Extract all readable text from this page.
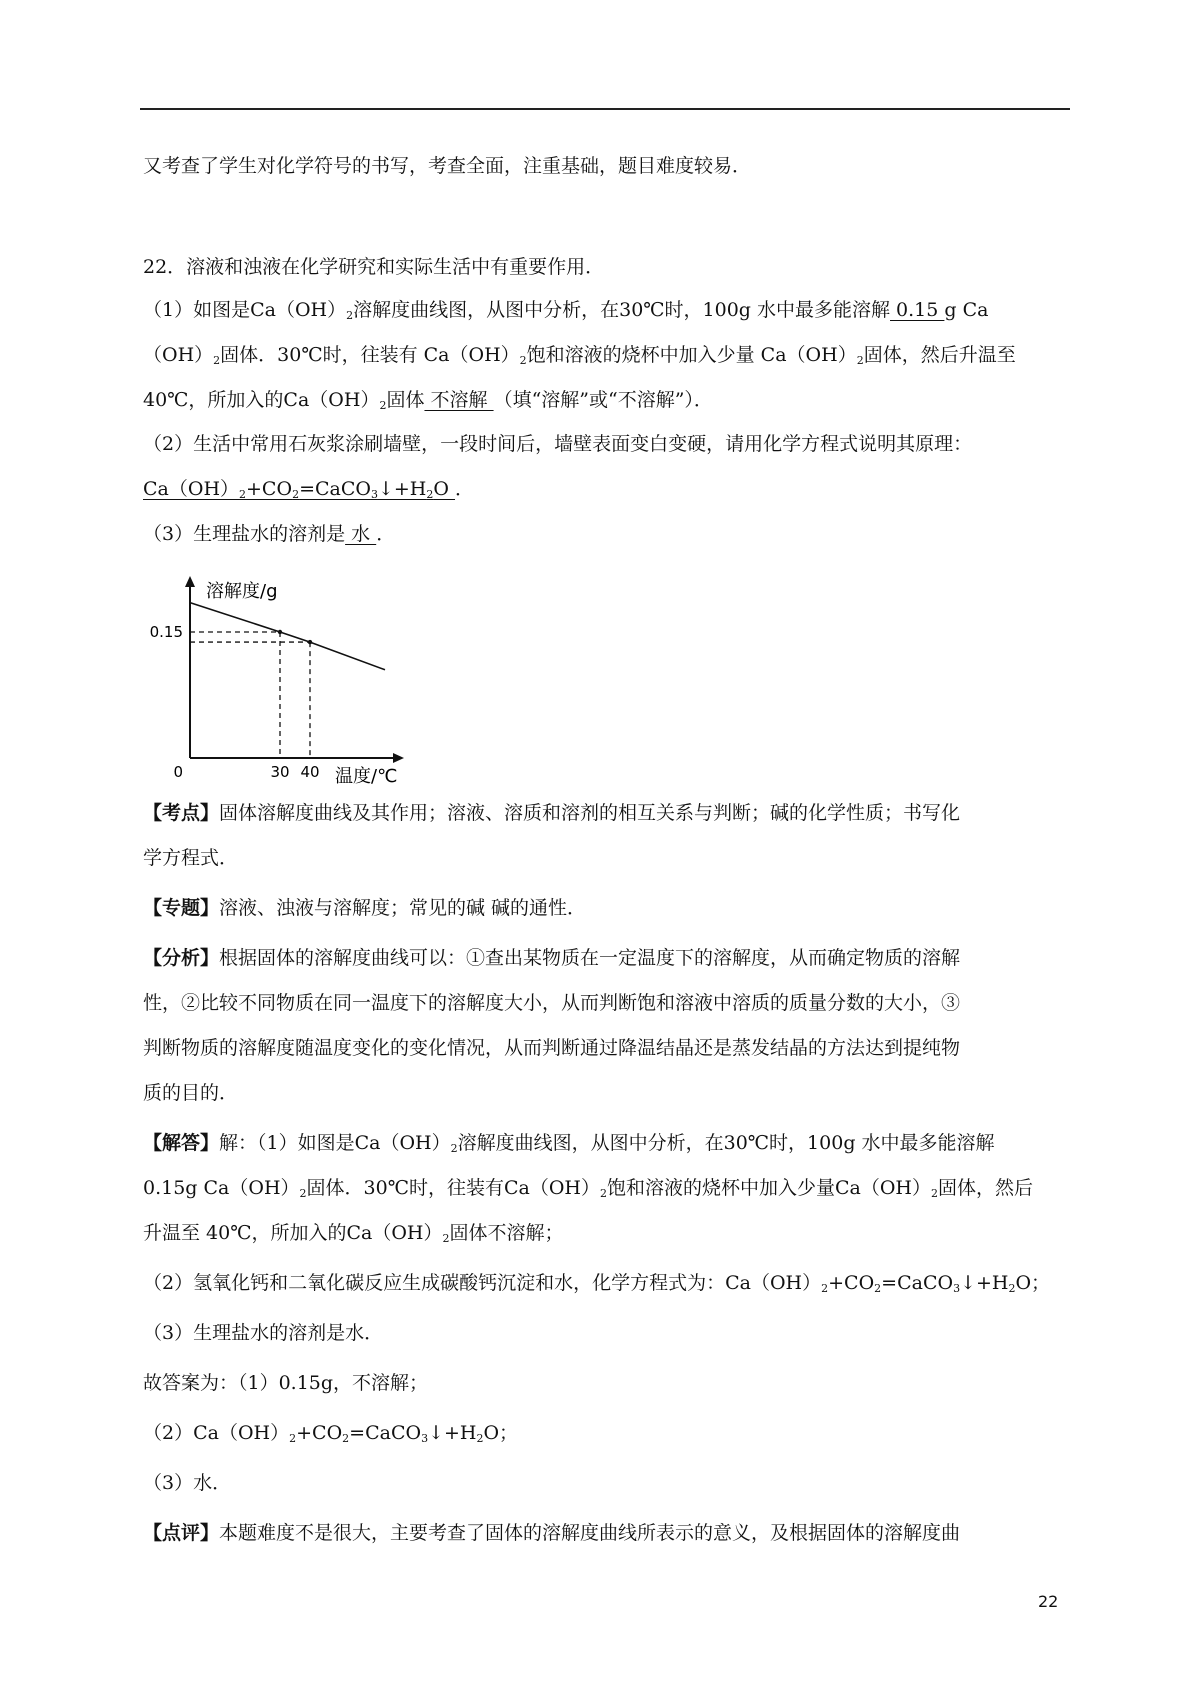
又考查了学生对化学符号的书写，考查全面，注重基础，题目难度较易．
22．溶液和浊液在化学研究和实际生活中有重要作用．
（1）如图是$Ca(OH)_2$溶解度曲线图，从图中分析，在30℃时，100g 水中最多能溶解 0.15 g Ca
$(OH)_2$固体．30℃时，往装有 $Ca(OH)_2$饱和溶液的烧杯中加入少量 $Ca(OH)_2$固体，然后升温至
40℃，所加入的$Ca(OH)_2$固体 不溶解 （填“溶解”或“不溶解”）．
（2）生活中常用石灰浆涂刷墙壁，一段时间后，墙壁表面变白变硬，请用化学方程式说明其原理：
$Ca(OH)_2+CO_2=CaCO_3↓+H_2O$ ．
（3）生理盐水的溶剂是 水 ．
溶解度/g
温度/℃
0	30 40
0.15
【考点】固体溶解度曲线及其作用；溶液、溶质和溶剂的相互关系与判断；碱的化学性质；书写化
学方程式．
【专题】溶液、浊液与溶解度；常见的碱 碱的通性．
【分析】根据固体的溶解度曲线可以：①查出某物质在一定温度下的溶解度，从而确定物质的溶解
性，②比较不同物质在同一温度下的溶解度大小，从而判断饱和溶液中溶质的质量分数的大小，③
判断物质的溶解度随温度变化的变化情况，从而判断通过降温结晶还是蒸发结晶的方法达到提纯物
质的目的．
【解答】解：（1）如图是$Ca(OH)_2$溶解度曲线图，从图中分析，在30℃时，100g 水中最多能溶解
0.15g $Ca(OH)_2$固体．30℃时，往装有$Ca(OH)_2$饱和溶液的烧杯中加入少量$Ca(OH)_2$固体，然后
升温至 40℃，所加入的$Ca(OH)_2$固体不溶解；
（2）氢氧化钙和二氧化碳反应生成碳酸钙沉淀和水，化学方程式为：$Ca(OH)_2+CO_2=CaCO_3↓+H_2O$；
（3）生理盐水的溶剂是水．
故答案为：（1）0.15g，不溶解；
$(2)Ca(OH)_2+CO_2=CaCO_3↓+H_2O$；
（3）水．
【点评】本题难度不是很大，主要考查了固体的溶解度曲线所表示的意义，及根据固体的溶解度曲
22
